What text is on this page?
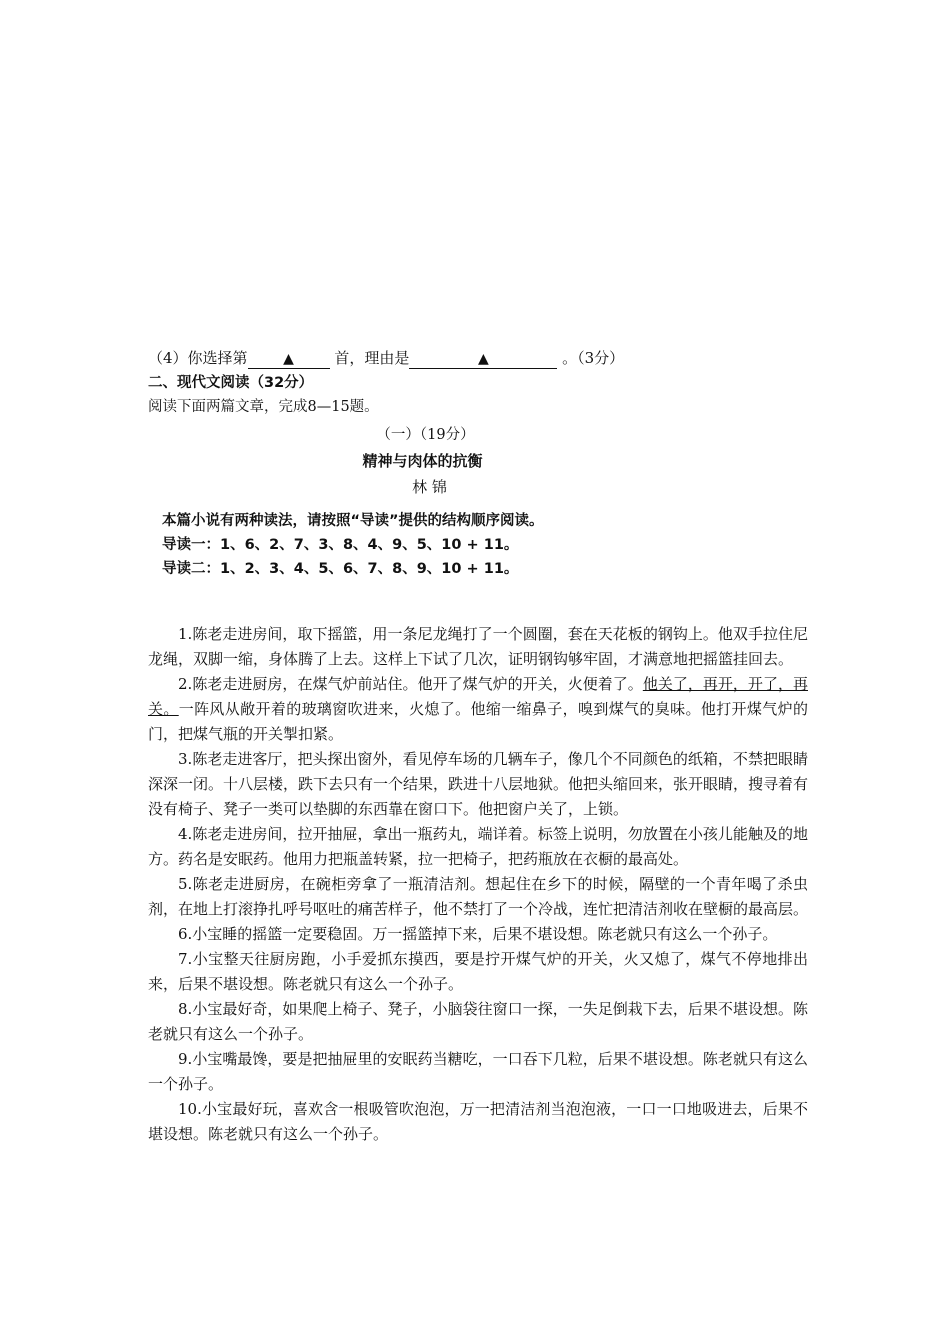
（4）你选择第	▲ 首，理由是	▲	。（3分）
二、现代文阅读（32分）
阅读下面两篇文章，完成8—15题。
（一）（19分）
精神与肉体的抗衡
林 锦
本篇小说有两种读法，请按照“导读”提供的结构顺序阅读。
导读一：1、6、2、7、3、8、4、9、5、10 + 11。
导读二：1、2、3、4、5、6、7、8、9、10 + 11。

1.陈老走进房间，取下摇篮，用一条尼龙绳打了一个圆圈，套在天花板的钢钩上。他双手拉住尼龙绳，双脚一缩，身体腾了上去。这样上下试了几次，证明钢钩够牢固，才满意地把摇篮挂回去。

2.陈老走进厨房，在煤气炉前站住。他开了煤气炉的开关，火便着了。他关了，再开，开了，再关。一阵风从敞开着的玻璃窗吹进来，火熄了。他缩一缩鼻子，嗅到煤气的臭味。他打开煤气炉的门，把煤气瓶的开关掣扣紧。

3.陈老走进客厅，把头探出窗外，看见停车场的几辆车子，像几个不同颜色的纸箱，不禁把眼睛深深一闭。十八层楼，跌下去只有一个结果，跌进十八层地狱。他把头缩回来，张开眼睛，搜寻着有没有椅子、凳子一类可以垫脚的东西靠在窗口下。他把窗户关了，上锁。

4.陈老走进房间，拉开抽屉，拿出一瓶药丸，端详着。标签上说明，勿放置在小孩儿能触及的地方。药名是安眠药。他用力把瓶盖转紧，拉一把椅子，把药瓶放在衣橱的最高处。

5.陈老走进厨房，在碗柜旁拿了一瓶清洁剂。想起住在乡下的时候，隔壁的一个青年喝了杀虫剂，在地上打滚挣扎呼号呕吐的痛苦样子，他不禁打了一个冷战，连忙把清洁剂收在壁橱的最高层。

6.小宝睡的摇篮一定要稳固。万一摇篮掉下来，后果不堪设想。陈老就只有这么一个孙子。

7.小宝整天往厨房跑，小手爱抓东摸西，要是拧开煤气炉的开关，火又熄了，煤气不停地排出来，后果不堪设想。陈老就只有这么一个孙子。

8.小宝最好奇，如果爬上椅子、凳子，小脑袋往窗口一探，一失足倒栽下去，后果不堪设想。陈老就只有这么一个孙子。

9.小宝嘴最馋，要是把抽屉里的安眠药当糖吃，一口吞下几粒，后果不堪设想。陈老就只有这么一个孙子。

10.小宝最好玩，喜欢含一根吸管吹泡泡，万一把清洁剂当泡泡液，一口一口地吸进去，后果不堪设想。陈老就只有这么一个孙子。
